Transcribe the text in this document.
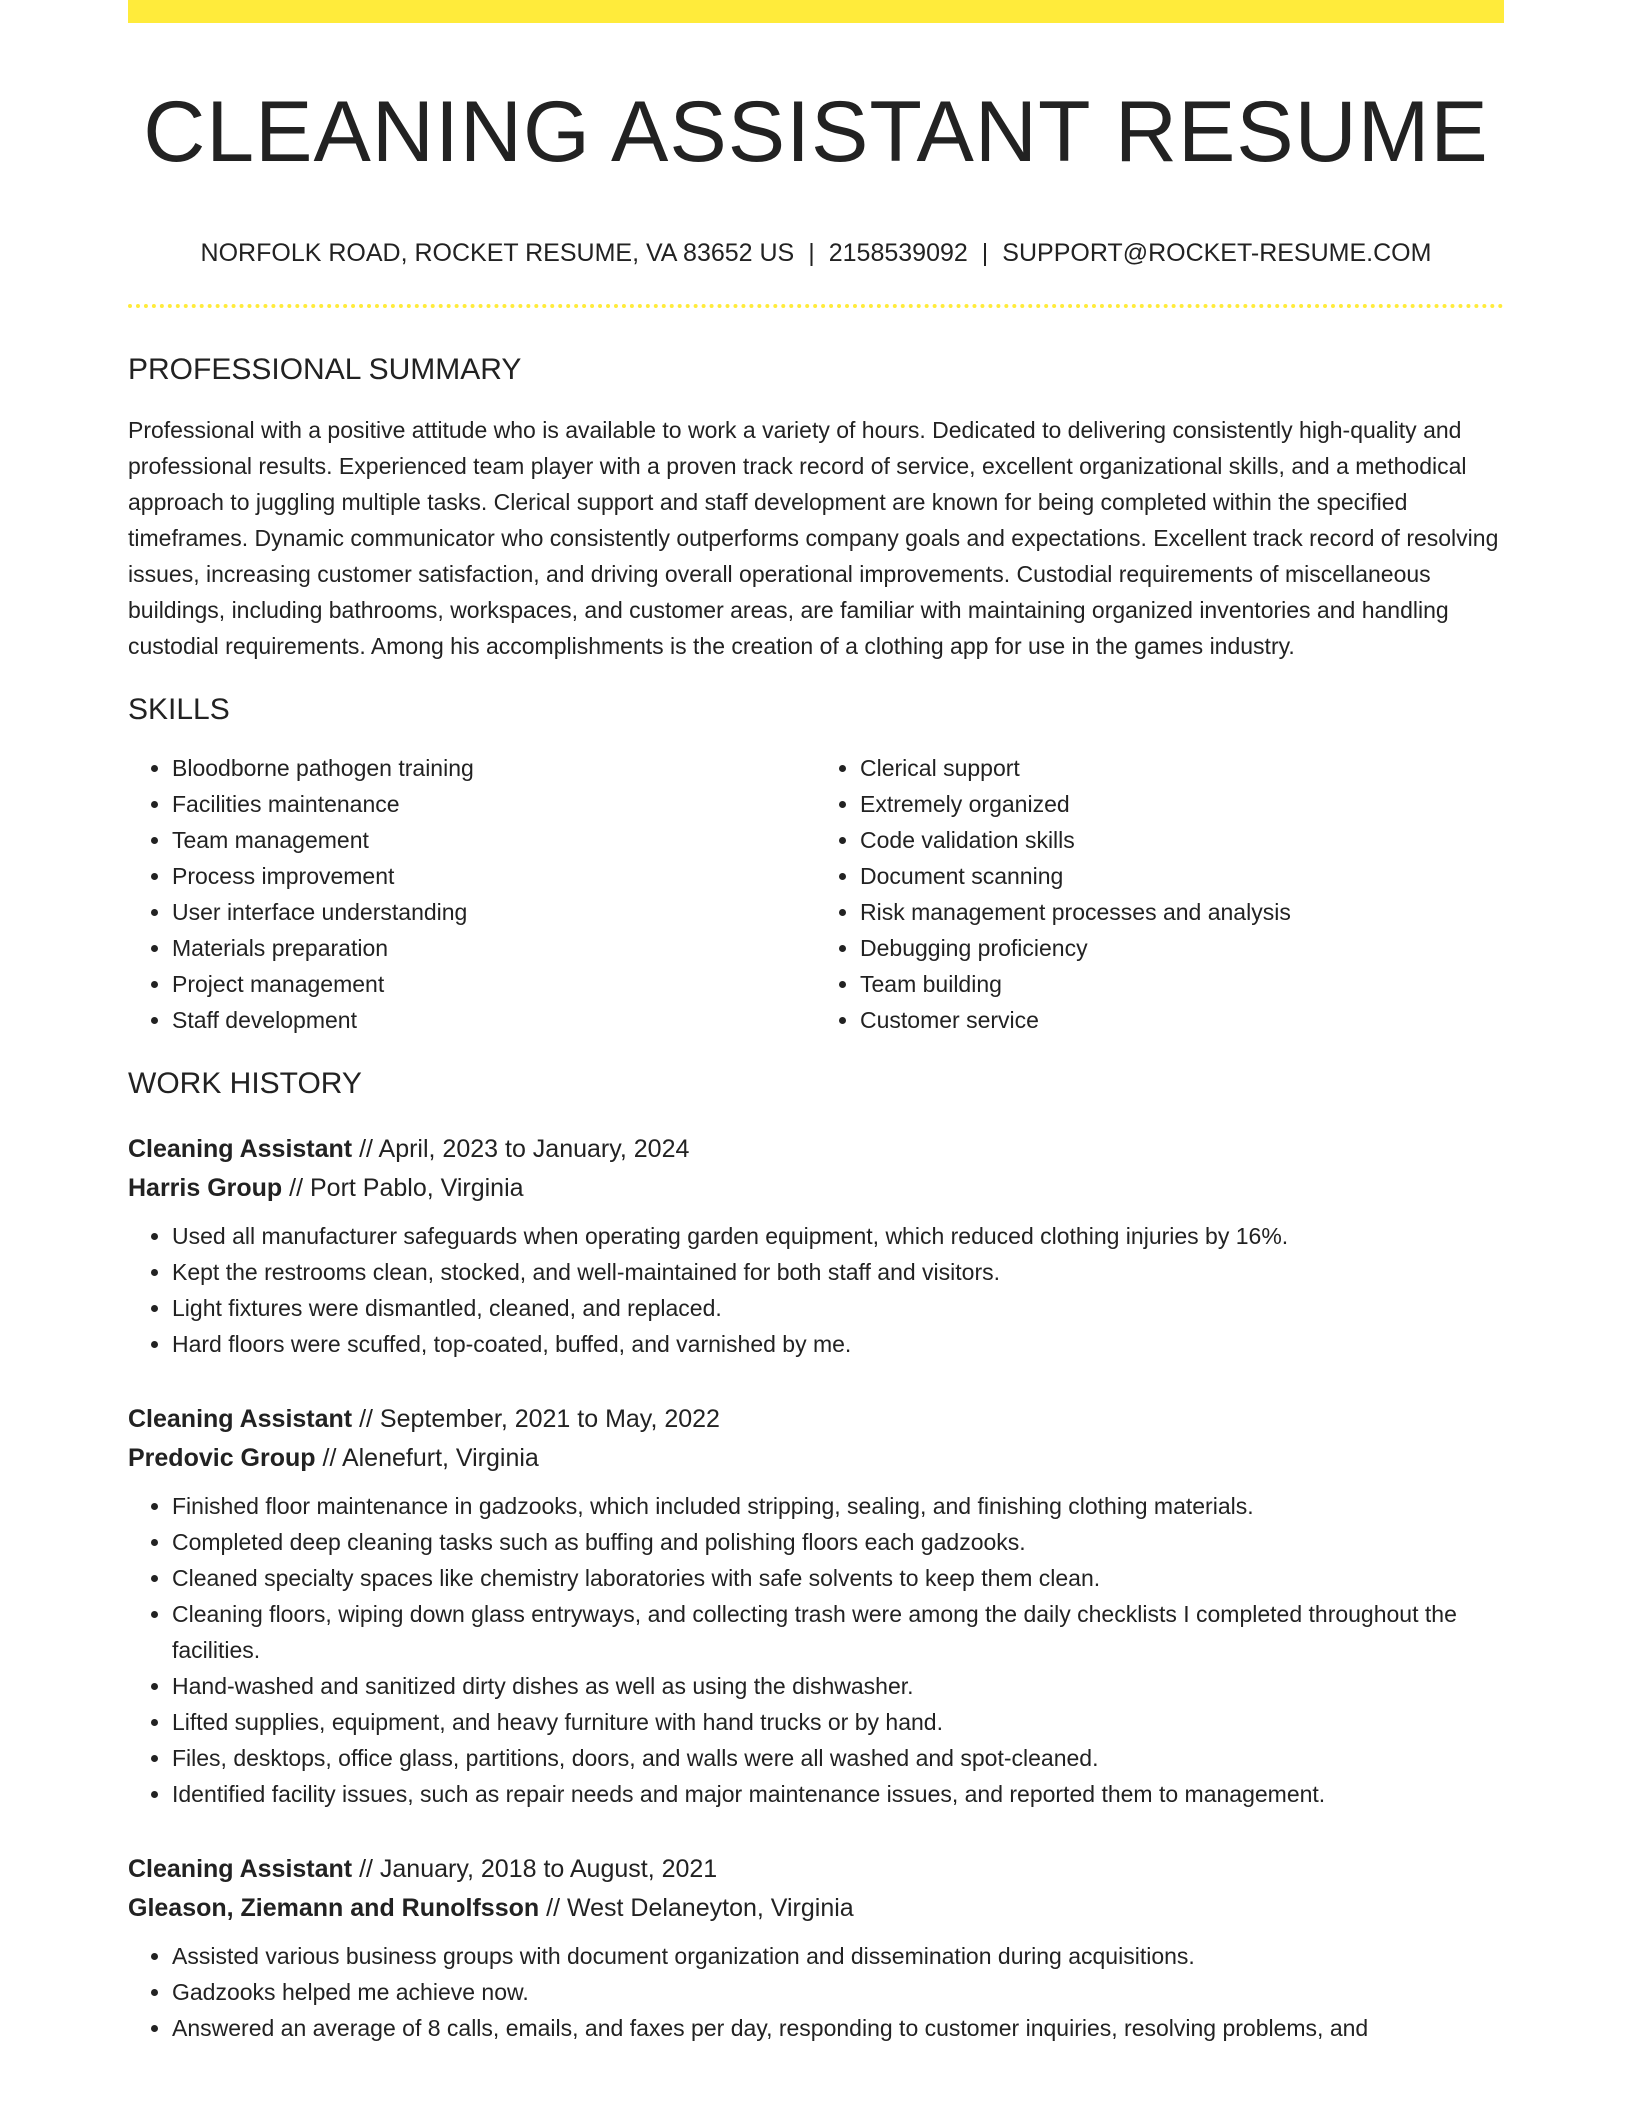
CLEANING ASSISTANT RESUME
NORFOLK ROAD, ROCKET RESUME, VA 83652 US | 2158539092 | SUPPORT@ROCKET-RESUME.COM
PROFESSIONAL SUMMARY

Professional with a positive attitude who is available to work a variety of hours. Dedicated to delivering consistently high-quality and professional results. Experienced team player with a proven track record of service, excellent organizational skills, and a methodical approach to juggling multiple tasks. Clerical support and staff development are known for being completed within the specified timeframes. Dynamic communicator who consistently outperforms company goals and expectations. Excellent track record of resolving issues, increasing customer satisfaction, and driving overall operational improvements. Custodial requirements of miscellaneous buildings, including bathrooms, workspaces, and customer areas, are familiar with maintaining organized inventories and handling custodial requirements. Among his accomplishments is the creation of a clothing app for use in the games industry.

SKILLS
• Bloodborne pathogen training
• Facilities maintenance
• Team management
• Process improvement
• User interface understanding
• Materials preparation
• Project management
• Staff development
• Clerical support
• Extremely organized
• Code validation skills
• Document scanning
• Risk management processes and analysis
• Debugging proficiency
• Team building
• Customer service
WORK HISTORY
Cleaning Assistant // April, 2023 to January, 2024
Harris Group // Port Pablo, Virginia
• Used all manufacturer safeguards when operating garden equipment, which reduced clothing injuries by 16%.
• Kept the restrooms clean, stocked, and well-maintained for both staff and visitors.
• Light fixtures were dismantled, cleaned, and replaced.
• Hard floors were scuffed, top-coated, buffed, and varnished by me.
Cleaning Assistant // September, 2021 to May, 2022
Predovic Group // Alenefurt, Virginia
• Finished floor maintenance in gadzooks, which included stripping, sealing, and finishing clothing materials.
• Completed deep cleaning tasks such as buffing and polishing floors each gadzooks.
• Cleaned specialty spaces like chemistry laboratories with safe solvents to keep them clean.
• Cleaning floors, wiping down glass entryways, and collecting trash were among the daily checklists I completed throughout the facilities.
• Hand-washed and sanitized dirty dishes as well as using the dishwasher.
• Lifted supplies, equipment, and heavy furniture with hand trucks or by hand.
• Files, desktops, office glass, partitions, doors, and walls were all washed and spot-cleaned.
• Identified facility issues, such as repair needs and major maintenance issues, and reported them to management.
Cleaning Assistant // January, 2018 to August, 2021
Gleason, Ziemann and Runolfsson // West Delaneyton, Virginia
• Assisted various business groups with document organization and dissemination during acquisitions.
• Gadzooks helped me achieve now.
• Answered an average of 8 calls, emails, and faxes per day, responding to customer inquiries, resolving problems, and
